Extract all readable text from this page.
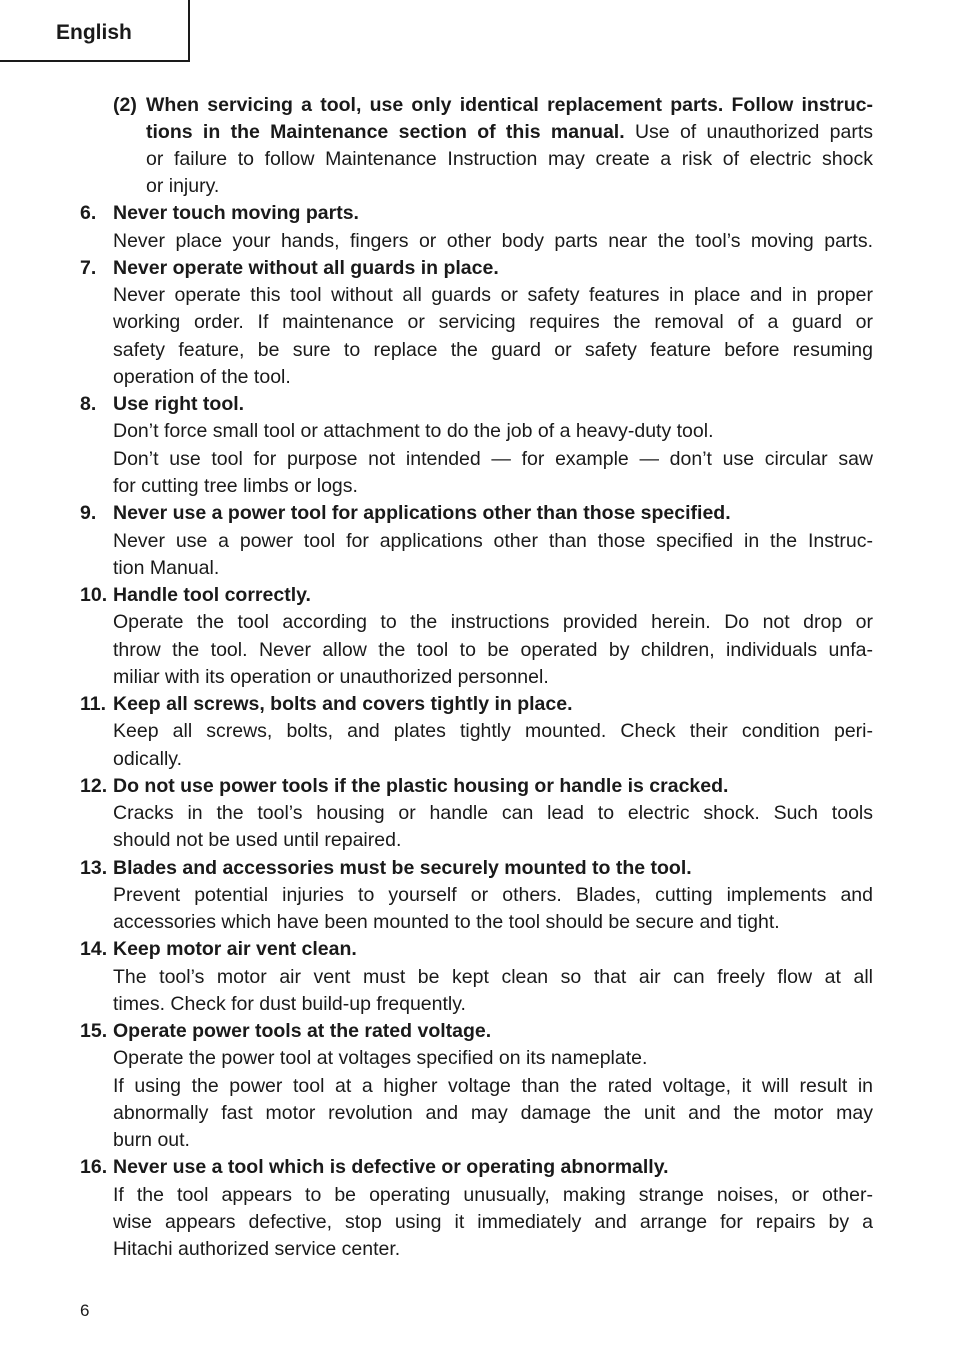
English
(2) When servicing a tool, use only identical replacement parts. Follow instruc-
tions in the Maintenance section of this manual. Use of unauthorized parts
or failure to follow Maintenance Instruction may create a risk of electric shock
or injury.
6. Never touch moving parts.
Never place your hands, fingers or other body parts near the tool’s moving parts.
7. Never operate without all guards in place.
Never operate this tool without all guards or safety features in place and in proper
working order. If maintenance or servicing requires the removal of a guard or
safety feature, be sure to replace the guard or safety feature before resuming
operation of the tool.
8. Use right tool.
Don’t force small tool or attachment to do the job of a heavy-duty tool.
Don’t use tool for purpose not intended — for example — don’t use circular saw
for cutting tree limbs or logs.
9. Never use a power tool for applications other than those specified.
Never use a power tool for applications other than those specified in the Instruc-
tion Manual.
10. Handle tool correctly.
Operate the tool according to the instructions provided herein. Do not drop or
throw the tool. Never allow the tool to be operated by children, individuals unfa-
miliar with its operation or unauthorized personnel.
11. Keep all screws, bolts and covers tightly in place.
Keep all screws, bolts, and plates tightly mounted. Check their condition peri-
odically.
12. Do not use power tools if the plastic housing or handle is cracked.
Cracks in the tool’s housing or handle can lead to electric shock. Such tools
should not be used until repaired.
13. Blades and accessories must be securely mounted to the tool.
Prevent potential injuries to yourself or others. Blades, cutting implements and
accessories which have been mounted to the tool should be secure and tight.
14. Keep motor air vent clean.
The tool’s motor air vent must be kept clean so that air can freely flow at all
times. Check for dust build-up frequently.
15. Operate power tools at the rated voltage.
Operate the power tool at voltages specified on its nameplate.
If using the power tool at a higher voltage than the rated voltage, it will result in
abnormally fast motor revolution and may damage the unit and the motor may
burn out.
16. Never use a tool which is defective or operating abnormally.
If the tool appears to be operating unusually, making strange noises, or other-
wise appears defective, stop using it immediately and arrange for repairs by a
Hitachi authorized service center.
6
